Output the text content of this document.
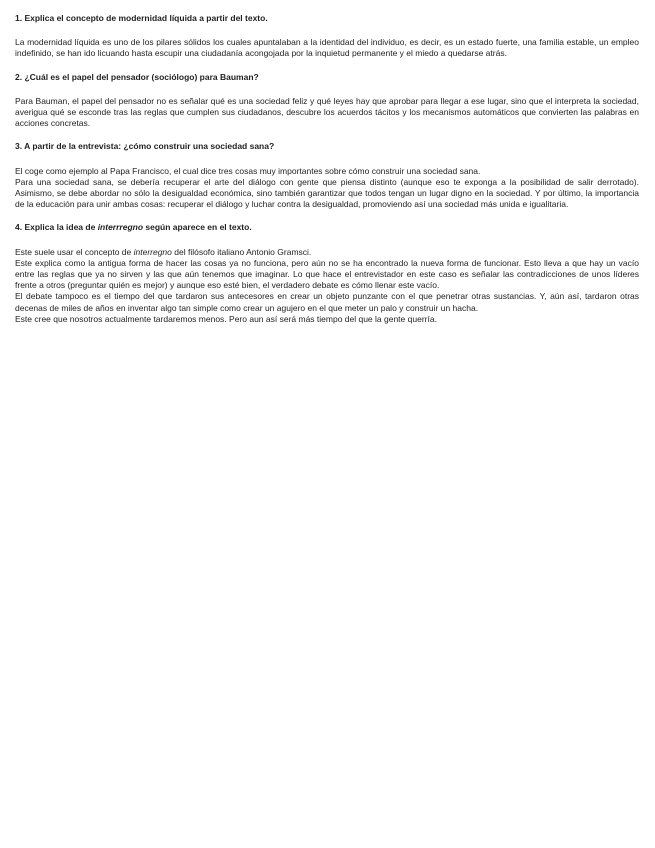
1. Explica el concepto de modernidad líquida a partir del texto.

La modernidad líquida es uno de los pilares sólidos los cuales apuntalaban a la identidad del individuo, es decir, es un estado fuerte, una familia estable, un empleo indefinido, se han ido licuando hasta escupir una ciudadanía acongojada por la inquietud permanente y el miedo a quedarse atrás.

2. ¿Cuál es el papel del pensador (sociólogo) para Bauman?

Para Bauman, el papel del pensador no es señalar qué es una sociedad feliz y qué leyes hay que aprobar para llegar a ese lugar, sino que el interpreta la sociedad, averigua qué se esconde tras las reglas que cumplen sus ciudadanos, descubre los acuerdos tácitos y los mecanismos automáticos que convierten las palabras en acciones concretas.

3. A partir de la entrevista: ¿cómo construir una sociedad sana?

El coge como ejemplo al Papa Francisco, el cual dice tres cosas muy importantes sobre cómo construir una sociedad sana.

Para una sociedad sana, se debería recuperar el arte del diálogo con gente que piensa distinto (aunque eso te exponga a la posibilidad de salir derrotado). Asimismo, se debe abordar no sólo la desigualdad económica, sino también garantizar que todos tengan un lugar digno en la sociedad. Y por último, la importancia de la educación para unir ambas cosas: recuperar el diálogo y luchar contra la desigualdad, promoviendo así una sociedad más unida e igualitaria.

4. Explica la idea de interrregno según aparece en el texto.

Este suele usar el concepto de interregno del filósofo italiano Antonio Gramsci.

Este explica como la antigua forma de hacer las cosas ya no funciona, pero aún no se ha encontrado la nueva forma de funcionar. Esto lleva a que hay un vacío entre las reglas que ya no sirven y las que aún tenemos que imaginar. Lo que hace el entrevistador en este caso es señalar las contradicciones de unos líderes frente a otros (preguntar quién es mejor) y aunque eso esté bien, el verdadero debate es cómo llenar este vacío.

El debate tampoco es el tiempo del que tardaron sus antecesores en crear un objeto punzante con el que penetrar otras sustancias. Y, aún así, tardaron otras decenas de miles de años en inventar algo tan simple como crear un agujero en el que meter un palo y construir un hacha.

Este cree que nosotros actualmente tardaremos menos. Pero aun así será más tiempo del que la gente querría.
